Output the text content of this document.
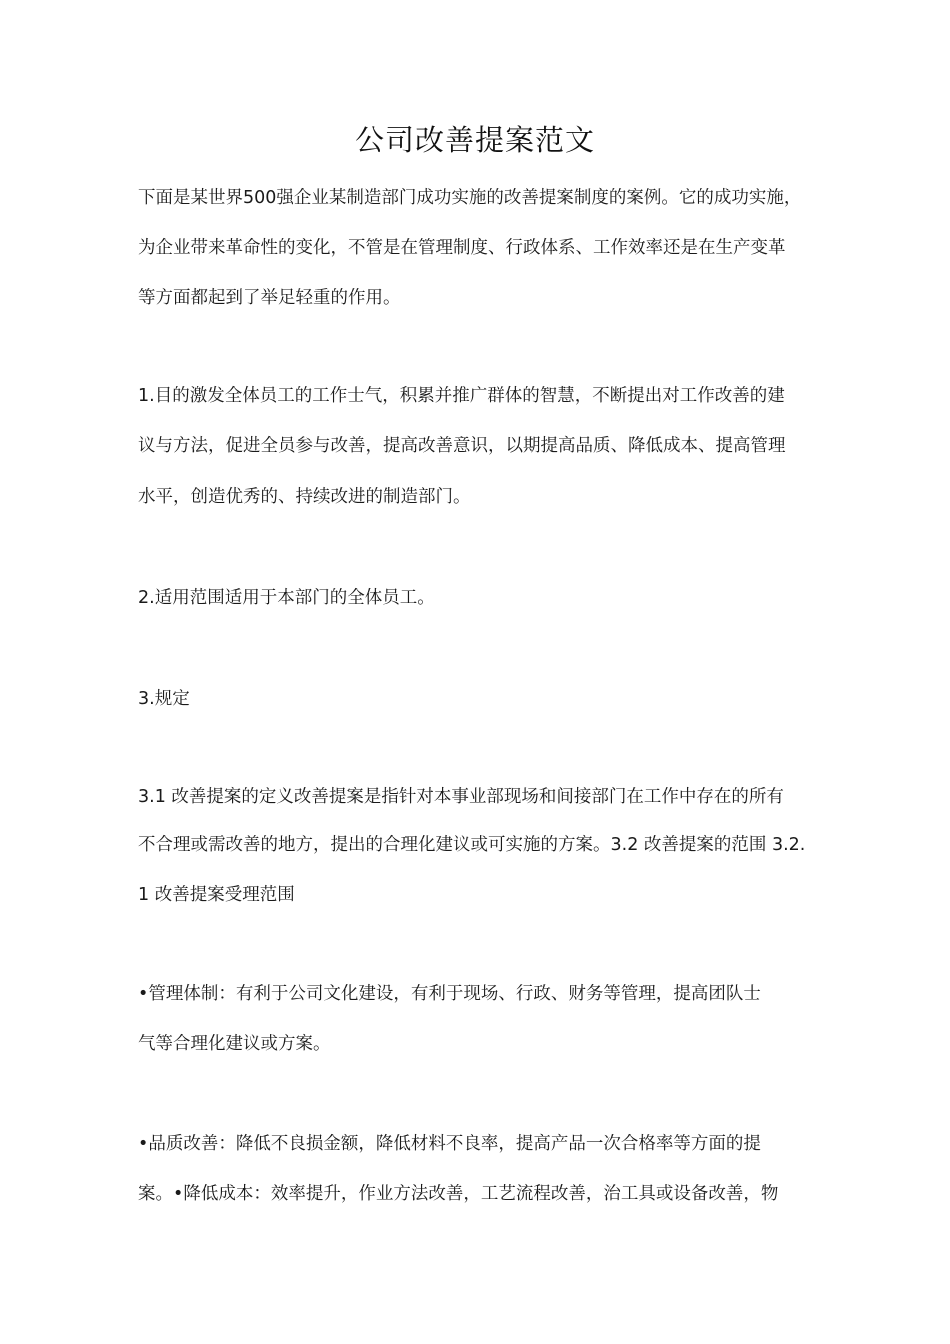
公司改善提案范文

下面是某世界500强企业某制造部门成功实施的改善提案制度的案例。它的成功实施，

为企业带来革命性的变化，不管是在管理制度、行政体系、工作效率还是在生产变革

等方面都起到了举足轻重的作用。

1.目的激发全体员工的工作士气，积累并推广群体的智慧，不断提出对工作改善的建

议与方法，促进全员参与改善，提高改善意识，以期提高品质、降低成本、提高管理

水平，创造优秀的、持续改进的制造部门。

2.适用范围适用于本部门的全体员工。

3.规定

3.1 改善提案的定义改善提案是指针对本事业部现场和间接部门在工作中存在的所有

不合理或需改善的地方，提出的合理化建议或可实施的方案。3.2 改善提案的范围 3.2.

1 改善提案受理范围

•管理体制：有利于公司文化建设，有利于现场、行政、财务等管理，提高团队士

气等合理化建议或方案。

•品质改善：降低不良损金额，降低材料不良率，提高产品一次合格率等方面的提

案。•降低成本：效率提升，作业方法改善，工艺流程改善，治工具或设备改善，物
